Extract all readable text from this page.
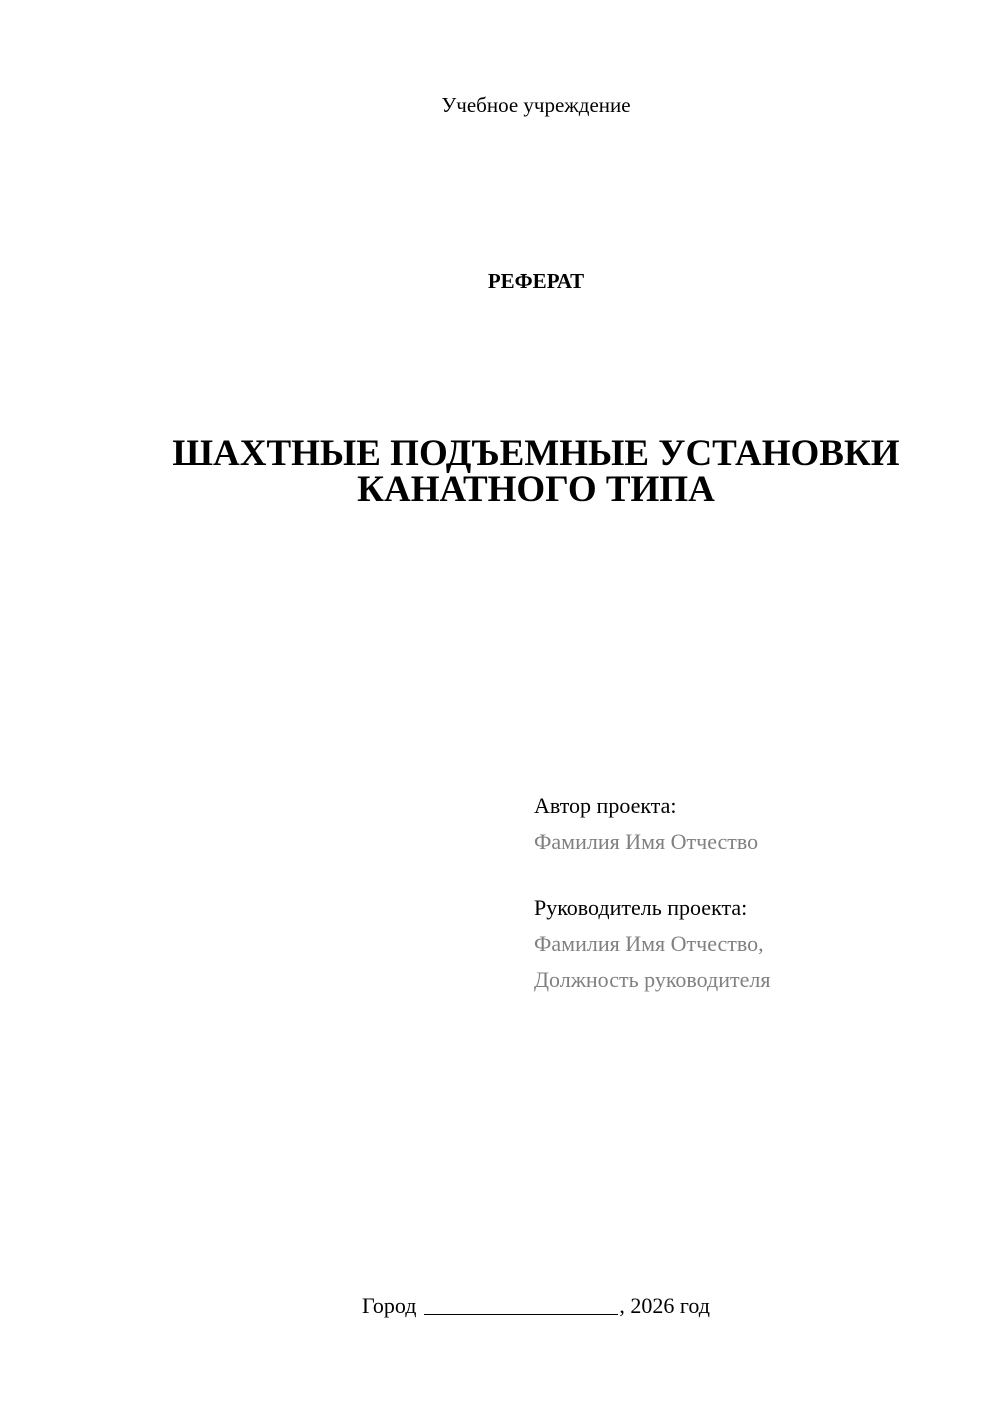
Учебное учреждение
РЕФЕРАТ
ШАХТНЫЕ ПОДЪЕМНЫЕ УСТАНОВКИ
КАНАТНОГО ТИПА
Автор проекта:
Фамилия Имя Отчество
Руководитель проекта:
Фамилия Имя Отчество,
Должность руководителя
Город	, 2026 год
